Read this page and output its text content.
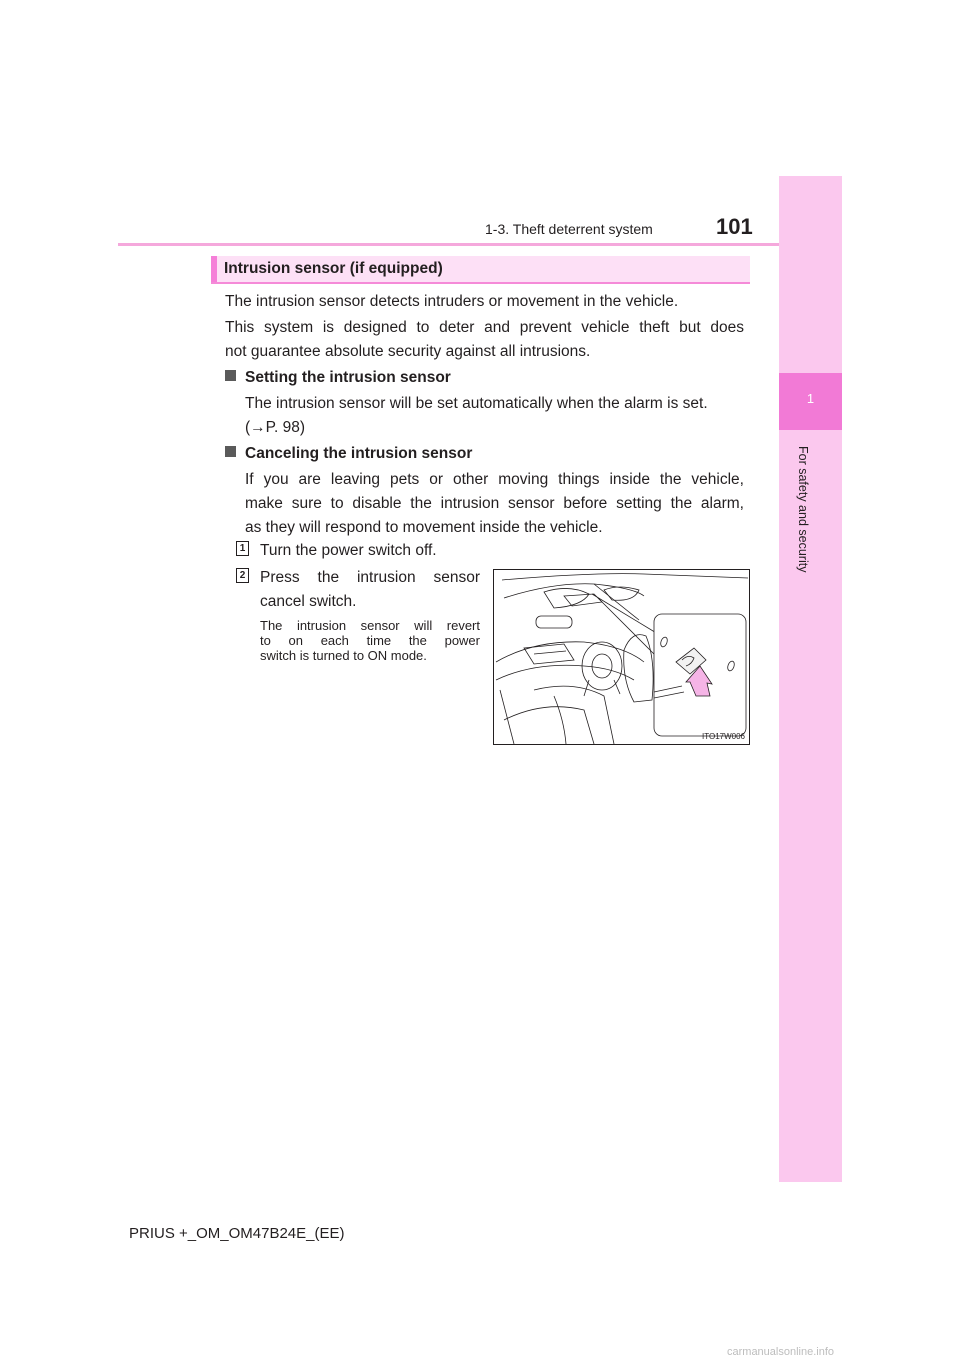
1-3. Theft deterrent system	101
1
For safety and security
Intrusion sensor (if equipped)
The intrusion sensor detects intruders or movement in the vehicle.
This system is designed to deter and prevent vehicle theft but does
not guarantee absolute security against all intrusions.
Setting the intrusion sensor
The intrusion sensor will be set automatically when the alarm is set.
(→P. 98)
Canceling the intrusion sensor
If you are leaving pets or other moving things inside the vehicle,
make sure to disable the intrusion sensor before setting the alarm,
as they will respond to movement inside the vehicle.
1 Turn the power switch off.
2 Press the intrusion sensor
cancel switch.
The intrusion sensor will revert
to on each time the power
switch is turned to ON mode.
ITO17W006
PRIUS +_OM_OM47B24E_(EE)
carmanualsonline.info
